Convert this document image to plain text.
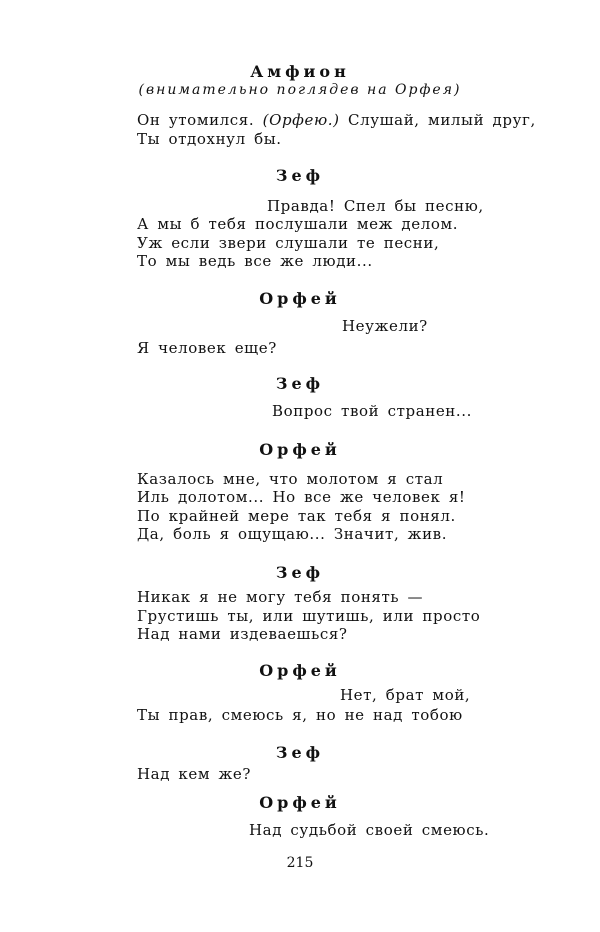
Амфион

(внимательно поглядев на Орфея)

Он утомился. (Орфею.) Слушай, милый друг,

Ты отдохнул бы.

Зеф

Правда! Спел бы песню,

А мы б тебя послушали меж делом.

Уж если звери слушали те песни,

То мы ведь все же люди...

Орфей

Неужели?

Я человек еще?

Зеф

Вопрос твой странен...

Орфей

Казалось мне, что молотом я стал

Иль долотом... Но все же человек я!

По крайней мере так тебя я понял.

Да, боль я ощущаю... Значит, жив.

Зеф

Никак я не могу тебя понять —

Грустишь ты, или шутишь, или просто

Над нами издеваешься?

Орфей

Нет, брат мой,

Ты прав, смеюсь я, но не над тобою

Зеф

Над кем же?

Орфей

Над судьбой своей смеюсь.

215
